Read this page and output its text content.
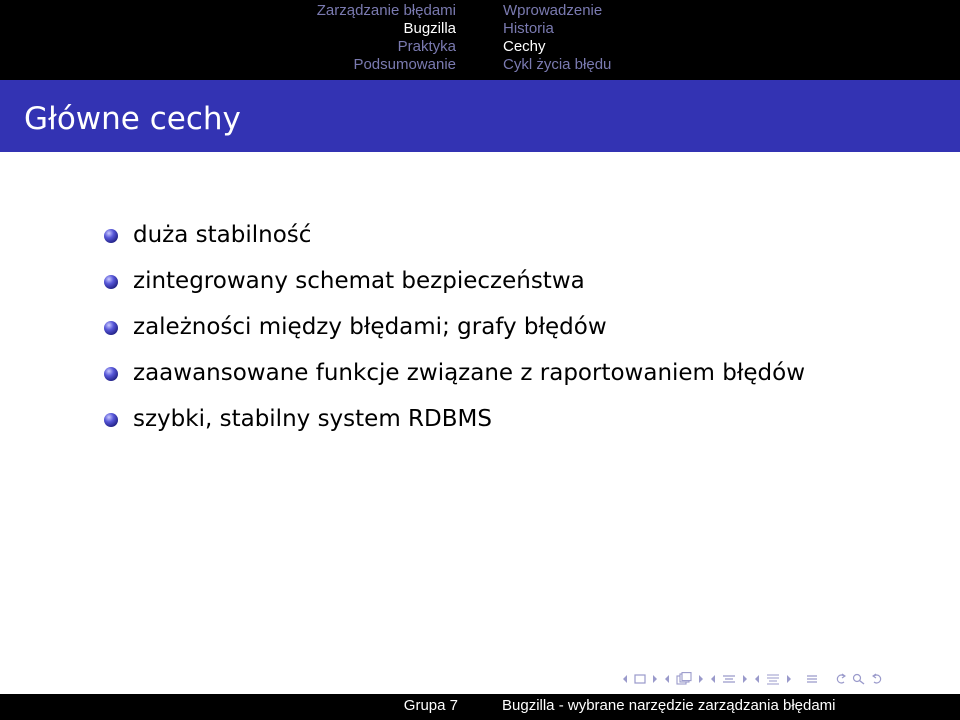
Zarządzanie błędami
Bugzilla
Praktyka
Podsumowanie
Wprowadzenie
Historia
Cechy
Cykl życia błędu
Główne cechy
duża stabilność
zintegrowany schemat bezpieczeństwa
zależności między błędami; grafy błędów
zaawansowane funkcje związane z raportowaniem błędów
szybki, stabilny system RDBMS
Grupa 7	Bugzilla - wybrane narzędzie zarządzania błędami
